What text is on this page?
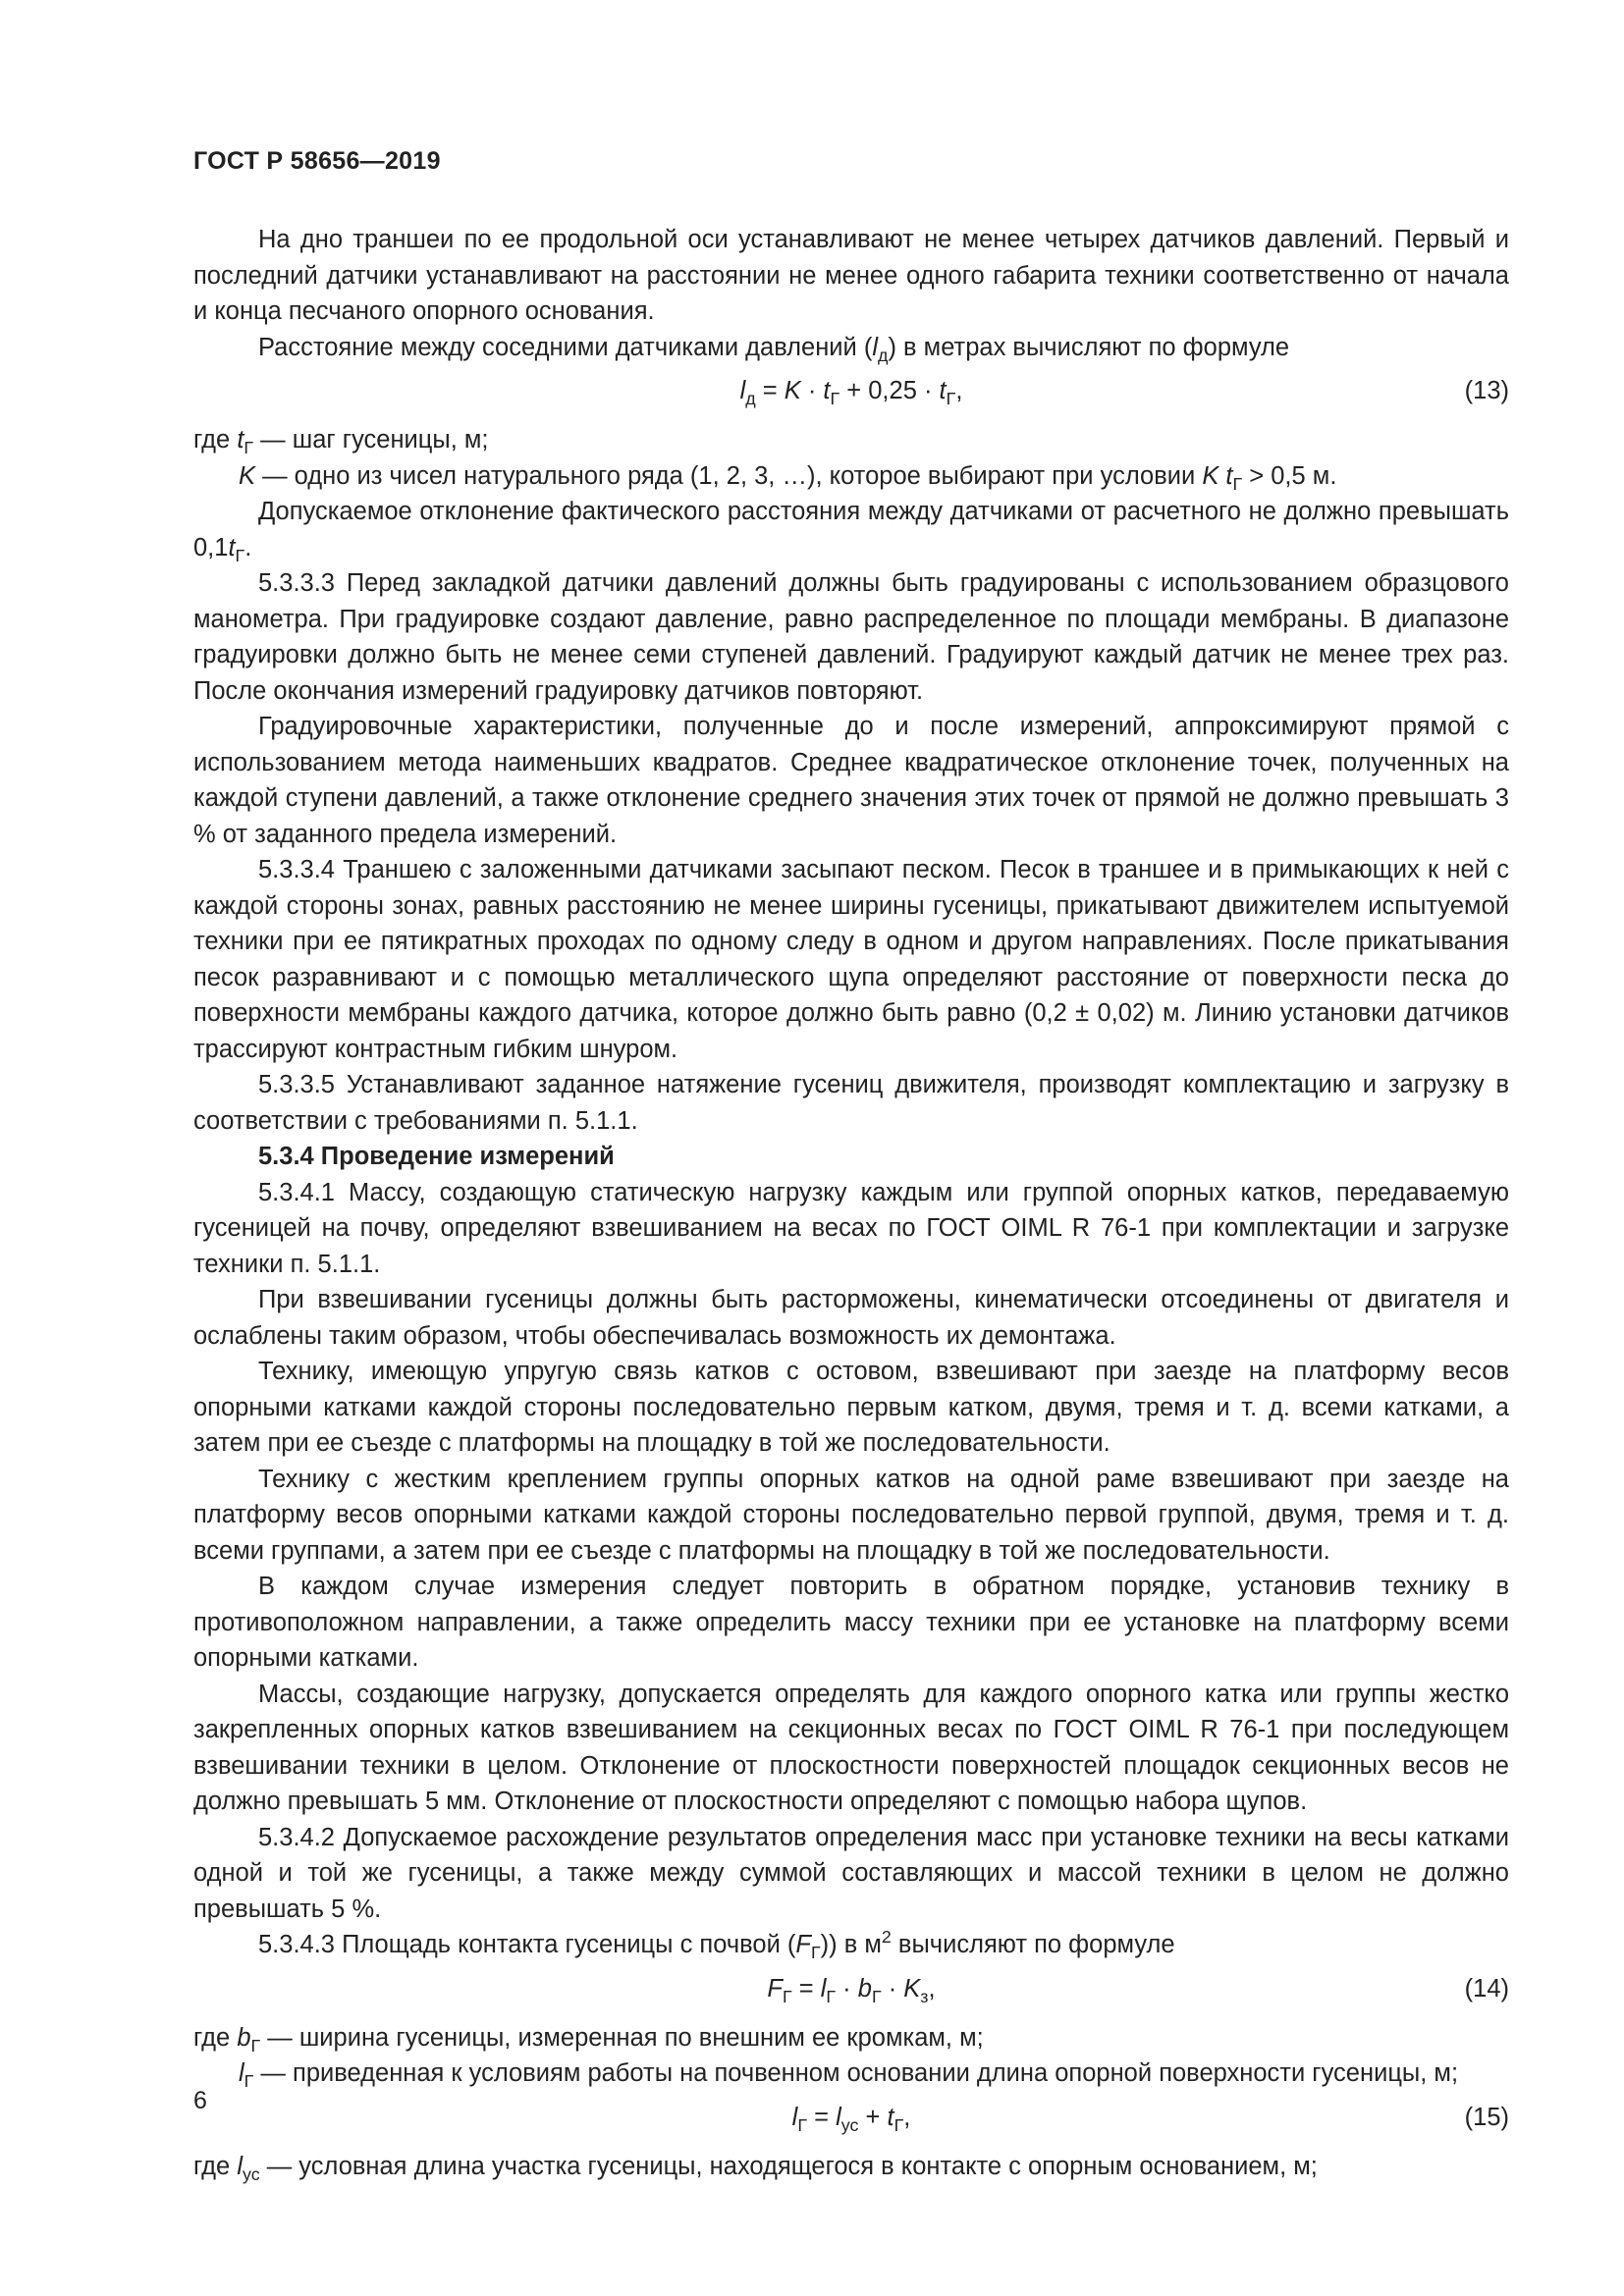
ГОСТ Р 58656—2019

На дно траншеи по ее продольной оси устанавливают не менее четырех датчиков давлений. Первый и последний датчики устанавливают на расстоянии не менее одного габарита техники соответственно от начала и конца песчаного опорного основания.

Расстояние между соседними датчиками давлений $(l_д)$ в метрах вычисляют по формуле

$l_д = K \cdot t_Г + 0,25 \cdot t_Г$,	(13)

где $t_Г$ — шаг гусеницы, м;

K — одно из чисел натурального ряда (1, 2, 3, …), которое выбирают при условии K $t_Г > 0,5$ м.

Допускаемое отклонение фактического расстояния между датчиками от расчетного не должно превышать $0,1t_Г$.

5.3.3.3 Перед закладкой датчики давлений должны быть градуированы с использованием образцового манометра. При градуировке создают давление, равно распределенное по площади мембраны. В диапазоне градуировки должно быть не менее семи ступеней давлений. Градуируют каждый датчик не менее трех раз. После окончания измерений градуировку датчиков повторяют.

Градуировочные характеристики, полученные до и после измерений, аппроксимируют прямой с использованием метода наименьших квадратов. Среднее квадратическое отклонение точек, полученных на каждой ступени давлений, а также отклонение среднего значения этих точек от прямой не должно превышать 3 % от заданного предела измерений.

5.3.3.4 Траншею с заложенными датчиками засыпают песком. Песок в траншее и в примыкающих к ней с каждой стороны зонах, равных расстоянию не менее ширины гусеницы, прикатывают движителем испытуемой техники при ее пятикратных проходах по одному следу в одном и другом направлениях. После прикатывания песок разравнивают и с помощью металлического щупа определяют расстояние от поверхности песка до поверхности мембраны каждого датчика, которое должно быть равно (0,2 ± 0,02) м. Линию установки датчиков трассируют контрастным гибким шнуром.

5.3.3.5 Устанавливают заданное натяжение гусениц движителя, производят комплектацию и загрузку в соответствии с требованиями п. 5.1.1.

5.3.4 Проведение измерений

5.3.4.1 Массу, создающую статическую нагрузку каждым или группой опорных катков, передаваемую гусеницей на почву, определяют взвешиванием на весах по ГОСТ OIML R 76-1 при комплектации и загрузке техники п. 5.1.1.

При взвешивании гусеницы должны быть расторможены, кинематически отсоединены от двигателя и ослаблены таким образом, чтобы обеспечивалась возможность их демонтажа.

Технику, имеющую упругую связь катков с остовом, взвешивают при заезде на платформу весов опорными катками каждой стороны последовательно первым катком, двумя, тремя и т. д. всеми катками, а затем при ее съезде с платформы на площадку в той же последовательности.

Технику с жестким креплением группы опорных катков на одной раме взвешивают при заезде на платформу весов опорными катками каждой стороны последовательно первой группой, двумя, тремя и т. д. всеми группами, а затем при ее съезде с платформы на площадку в той же последовательности.

В каждом случае измерения следует повторить в обратном порядке, установив технику в противоположном направлении, а также определить массу техники при ее установке на платформу всеми опорными катками.

Массы, создающие нагрузку, допускается определять для каждого опорного катка или группы жестко закрепленных опорных катков взвешиванием на секционных весах по ГОСТ OIML R 76-1 при последующем взвешивании техники в целом. Отклонение от плоскостности поверхностей площадок секционных весов не должно превышать 5 мм. Отклонение от плоскостности определяют с помощью набора щупов.

5.3.4.2 Допускаемое расхождение результатов определения масс при установке техники на весы катками одной и той же гусеницы, а также между суммой составляющих и массой техники в целом не должно превышать 5 %.

5.3.4.3 Площадь контакта гусеницы с почвой $(F_Г)$) в $м^2$ вычисляют по формуле

$F_Г = l_Г \cdot b_Г \cdot K_з$,	(14)

где $b_Г$ — ширина гусеницы, измеренная по внешним ее кромкам, м;

$l_Г$ — приведенная к условиям работы на почвенном основании длина опорной поверхности гусеницы, м;

$l_Г = l_{ус} + t_Г$,	(15)

где $l_{ус}$ — условная длина участка гусеницы, находящегося в контакте с опорным основанием, м;

6
